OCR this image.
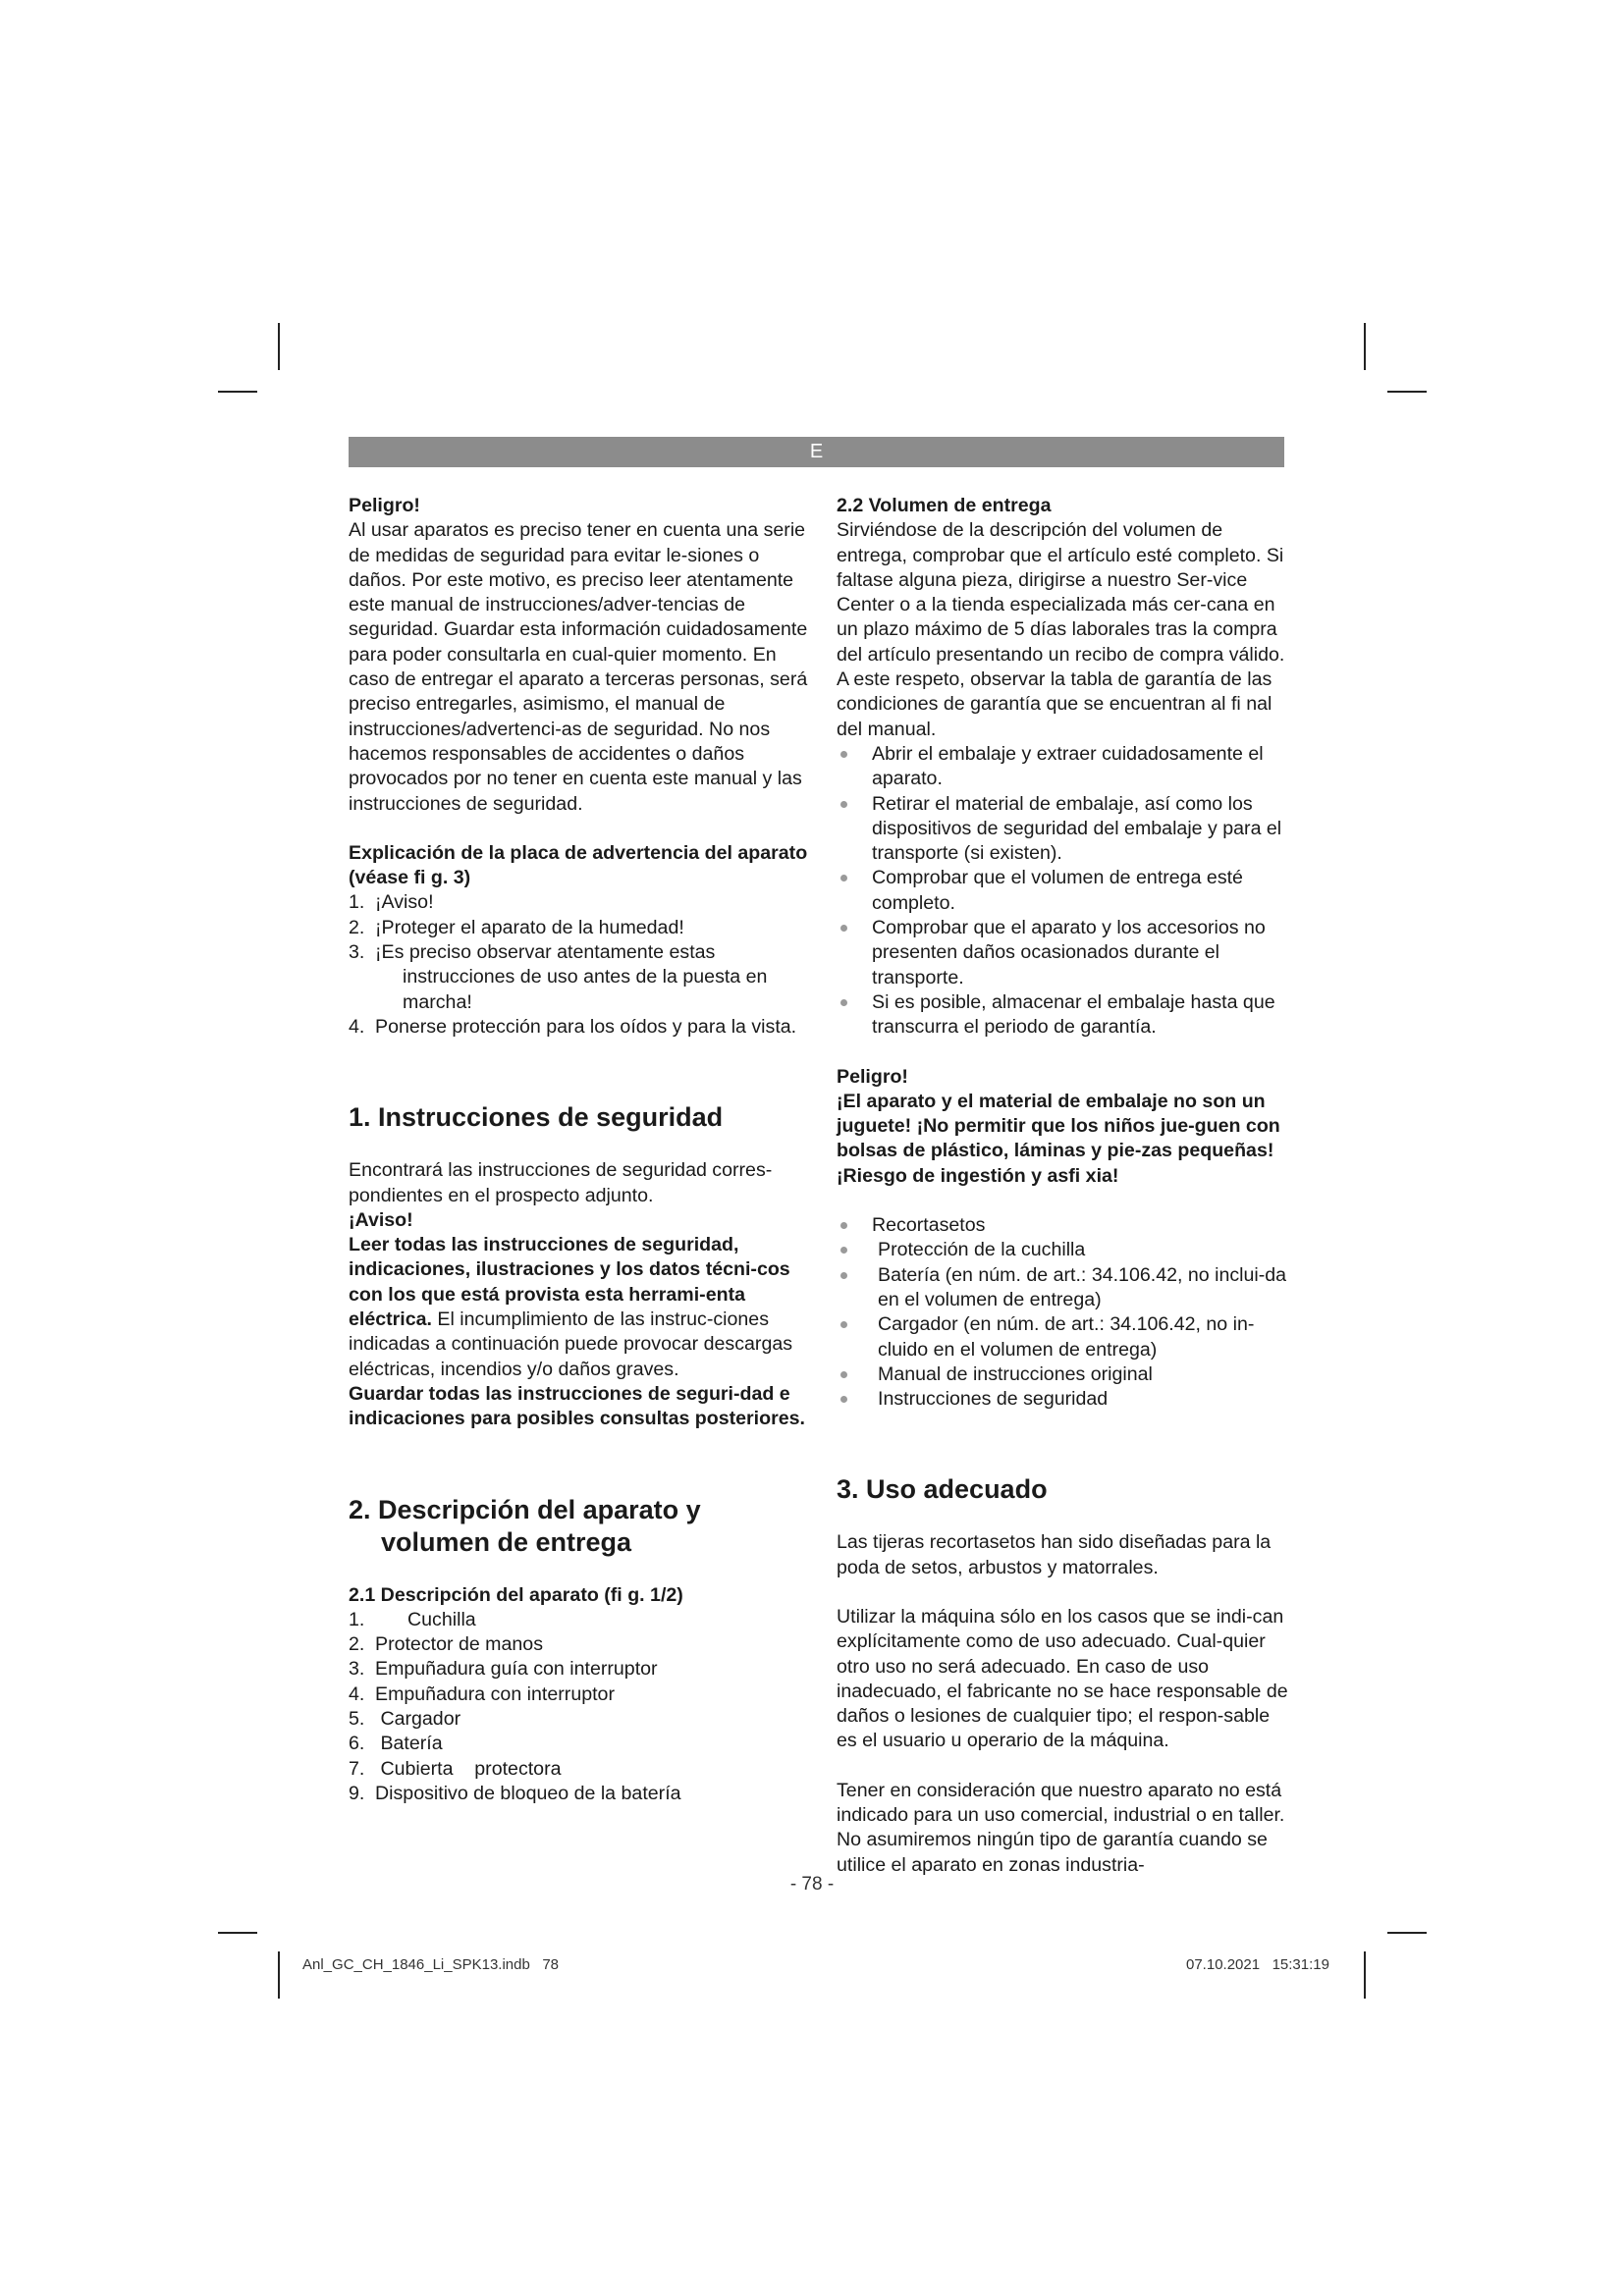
E

Peligro!

Al usar aparatos es preciso tener en cuenta una serie de medidas de seguridad para evitar le-siones o daños. Por este motivo, es preciso leer atentamente este manual de instrucciones/adver-tencias de seguridad. Guardar esta información cuidadosamente para poder consultarla en cual-quier momento. En caso de entregar el aparato a terceras personas, será preciso entregarles, asimismo, el manual de instrucciones/advertenci-as de seguridad. No nos hacemos responsables de accidentes o daños provocados por no tener en cuenta este manual y las instrucciones de seguridad.

Explicación de la placa de advertencia del aparato (véase fi g. 3)

1. ¡Aviso!
2. ¡Proteger el aparato de la humedad!
3. ¡Es preciso observar atentamente estas instrucciones de uso antes de la puesta en marcha!
4. Ponerse protección para los oídos y para la vista.
1. Instrucciones de seguridad

Encontrará las instrucciones de seguridad corres-pondientes en el prospecto adjunto.

¡Aviso!

Leer todas las instrucciones de seguridad, indicaciones, ilustraciones y los datos técni-cos con los que está provista esta herrami-enta eléctrica. El incumplimiento de las instruc-ciones indicadas a continuación puede provocar descargas eléctricas, incendios y/o daños graves.

Guardar todas las instrucciones de seguri-dad e indicaciones para posibles consultas posteriores.

2. Descripción del aparato y
volumen de entrega

2.1 Descripción del aparato (fi g. 1/2)

1.	Cuchilla
2. Protector de manos
3. Empuñadura guía con interruptor
4. Empuñadura con interruptor
5. Cargador
6. Batería
7. Cubierta    protectora
9. Dispositivo de bloqueo de la batería

2.2 Volumen de entrega

Sirviéndose de la descripción del volumen de entrega, comprobar que el artículo esté completo. Si faltase alguna pieza, dirigirse a nuestro Ser-vice Center o a la tienda especializada más cer-cana en un plazo máximo de 5 días laborales tras la compra del artículo presentando un recibo de compra válido. A este respeto, observar la tabla de garantía de las condiciones de garantía que se encuentran al fi nal del manual.

Abrir el embalaje y extraer cuidadosamente el aparato.
Retirar el material de embalaje, así como los dispositivos de seguridad del embalaje y para el transporte (si existen).
Comprobar que el volumen de entrega esté completo.
Comprobar que el aparato y los accesorios no presenten daños ocasionados durante el transporte.
Si es posible, almacenar el embalaje hasta que transcurra el periodo de garantía.

Peligro!

¡El aparato y el material de embalaje no son un juguete! ¡No permitir que los niños jue-guen con bolsas de plástico, láminas y pie-zas pequeñas! ¡Riesgo de ingestión y asfi xia!

Recortasetos
Protección de la cuchilla
Batería (en núm. de art.: 34.106.42, no inclui-da en el volumen de entrega)
Cargador (en núm. de art.: 34.106.42, no in-cluido en el volumen de entrega)
Manual de instrucciones original
Instrucciones de seguridad
3. Uso adecuado

Las tijeras recortasetos han sido diseñadas para la poda de setos, arbustos y matorrales.

Utilizar la máquina sólo en los casos que se indi-can explícitamente como de uso adecuado. Cual-quier otro uso no será adecuado. En caso de uso inadecuado, el fabricante no se hace responsable de daños o lesiones de cualquier tipo; el respon-sable es el usuario u operario de la máquina.

Tener en consideración que nuestro aparato no está indicado para un uso comercial, industrial o en taller. No asumiremos ningún tipo de garantía cuando se utilice el aparato en zonas industria-

- 78 -
Anl_GC_CH_1846_Li_SPK13.indb   78	07.10.2021   15:31:19
